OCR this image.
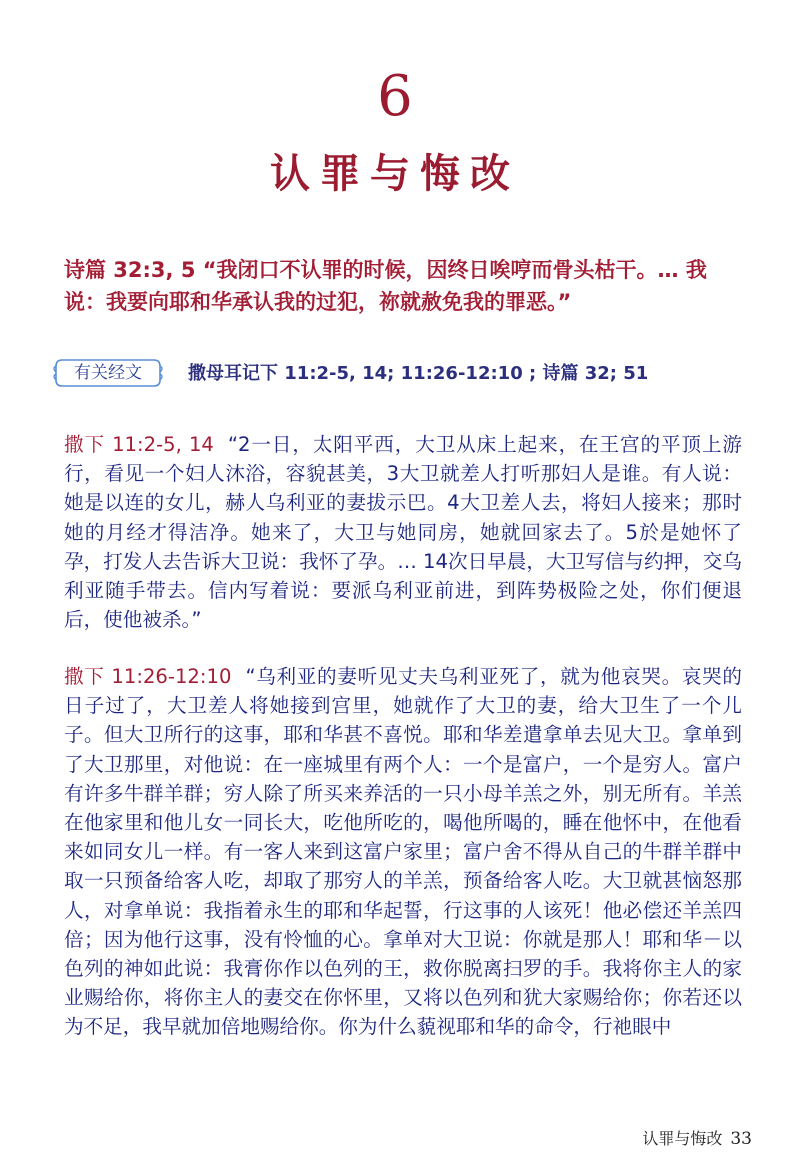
6
认罪与悔改
诗篇 32:3, 5 “我闭口不认罪的时候，因终日唉哼而骨头枯干。… 我说：我要向耶和华承认我的过犯，祢就赦免我的罪恶。”
有关经文	撒母耳记下 11:2-5, 14; 11:26-12:10 ; 诗篇 32; 51
撒下 11:2-5, 14 “2一日，太阳平西，大卫从床上起来，在王宫的平顶上游行，看见一个妇人沐浴，容貌甚美，3大卫就差人打听那妇人是谁。有人说：她是以连的女儿，赫人乌利亚的妻拔示巴。4大卫差人去，将妇人接来；那时她的月经才得洁净。她来了，大卫与她同房，她就回家去了。5於是她怀了孕，打发人去告诉大卫说：我怀了孕。… 14次日早晨，大卫写信与约押，交乌利亚随手带去。信内写着说：要派乌利亚前进，到阵势极险之处，你们便退后，使他被杀。”
撒下 11:26-12:10 “乌利亚的妻听见丈夫乌利亚死了，就为他哀哭。哀哭的日子过了，大卫差人将她接到宫里，她就作了大卫的妻，给大卫生了一个儿子。但大卫所行的这事，耶和华甚不喜悦。耶和华差遣拿单去见大卫。拿单到了大卫那里，对他说：在一座城里有两个人：一个是富户，一个是穷人。富户有许多牛群羊群；穷人除了所买来养活的一只小母羊羔之外，别无所有。羊羔在他家里和他儿女一同长大，吃他所吃的，喝他所喝的，睡在他怀中，在他看来如同女儿一样。有一客人来到这富户家里；富户舍不得从自己的牛群羊群中取一只预备给客人吃，却取了那穷人的羊羔，预备给客人吃。大卫就甚恼怒那人，对拿单说：我指着永生的耶和华起誓，行这事的人该死！他必偿还羊羔四倍；因为他行这事，没有怜恤的心。拿单对大卫说：你就是那人！耶和华－以色列的神如此说：我膏你作以色列的王，救你脱离扫罗的手。我将你主人的家业赐给你，将你主人的妻交在你怀里，又将以色列和犹大家赐给你；你若还以为不足，我早就加倍地赐给你。你为什么藐视耶和华的命令，行祂眼中
认罪与悔改 33
